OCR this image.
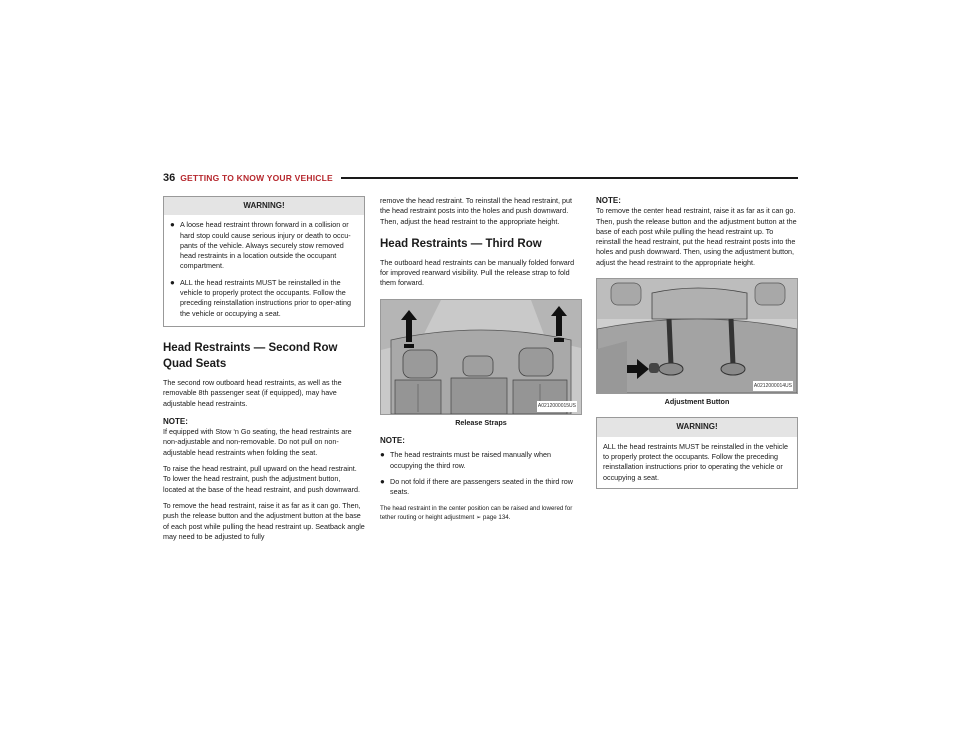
36 GETTING TO KNOW YOUR VEHICLE
WARNING!
● A loose head restraint thrown forward in a collision or hard stop could cause serious injury or death to occu-pants of the vehicle. Always securely stow removed head restraints in a location outside the occupant compartment.
● ALL the head restraints MUST be reinstalled in the vehicle to properly protect the occupants. Follow the preceding reinstallation instructions prior to oper-ating the vehicle or occupying a seat.
Head Restraints — Second Row Quad Seats

The second row outboard head restraints, as well as the removable 8th passenger seat (if equipped), may have adjustable head restraints.

NOTE:

If equipped with Stow ‘n Go seating, the head restraints are non-adjustable and non-removable. Do not pull on non-adjustable head restraints when folding the seat.

To raise the head restraint, pull upward on the head restraint. To lower the head restraint, push the adjustment button, located at the base of the head restraint, and push downward.

To remove the head restraint, raise it as far as it can go. Then, push the release button and the adjustment button at the base of each post while pulling the head restraint up. Seatback angle may need to be adjusted to fully

remove the head restraint. To reinstall the head restraint, put the head restraint posts into the holes and push downward. Then, adjust the head restraint to the appropriate height.

Head Restraints — Third Row

The outboard head restraints can be manually folded forward for improved rearward visibility. Pull the release strap to fold them forward.

A0212000015US
Release Straps
NOTE:
● The head restraints must be raised manually when occupying the third row.
● Do not fold if there are passengers seated in the third row seats.

The head restraint in the center position can be raised and lowered for tether routing or height adjustment ➢ page 134.

NOTE:

To remove the center head restraint, raise it as far as it can go. Then, push the release button and the adjustment button at the base of each post while pulling the head restraint up. To reinstall the head restraint, put the head restraint posts into the holes and push downward. Then, using the adjustment button, adjust the head restraint to the appropriate height.

A0212000014US
Adjustment Button
WARNING!

ALL the head restraints MUST be reinstalled in the vehicle to properly protect the occupants. Follow the preceding reinstallation instructions prior to operating the vehicle or occupying a seat.
